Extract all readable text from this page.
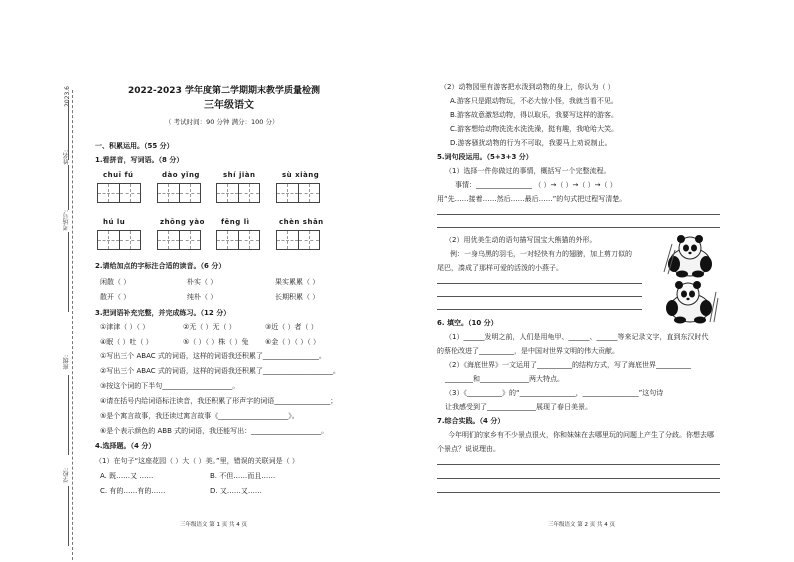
2023.6
姓名:
考场号:
班级:
学校:
2022-2023 学年度第二学期期末教学质量检测
三年级语文
（ 考试时间：90 分钟 满分：100 分）
一、积累运用。（55 分）
1.看拼音，写词语。（8 分）
chuī fú	dào yǐng	shí jiàn	sù xiàng
hú lu	zhōng yào fēng lì	chèn shān
2.请给加点的字标注合适的读音。（6 分）
闲散（ ）	朴实（ ）	果实累累（ ）
散开（ ）	纯朴（ ）	长期积累（ ）
3.把词语补充完整，并完成练习。（12 分）
①津津（ ）（ ）	②无（ ）无（ ）	③近（ ）者（ ）
④眠（ ）吐（ ）	⑤（ ）（ ）株（ ）兔 ⑥金（ ）（ ）（ ）
①写出三个 ABAC 式的词语，这样的词语我还积累了________________。
②写出三个 ABAC 式的词语，这样的词语我还积累了____________________。
③按这个词的下半句____________________。
④请在括号内给词语标注读音，我还积累了形声字的词语________________；
⑤是个寓言故事，我还读过寓言故事《____________________》。
⑥是个表示颜色的 ABB 式的词语，我还能写出：____________________。
4.选择题。（4 分）
（1）在句子“这座花园（ ）大（ ）美。”里，错误的关联词是（ ）
A. 既……又 ……	B. 不但……而且……
C. 有的……有的……	D. 又……又……
三年级语文 第 1 页 共 4 页
（2）动物园里有游客把水泼到动物的身上，你认为（ ）
A.游客只是跟动物玩，不必大惊小怪，我就当看不见。
B.游客故意激怒动物，得以取乐，我要写这样的游客。
C.游客想给动物洗洗水洗洗澡，挺有趣，我呛哈大笑。
D.游客骚扰动物的行为不可取，我要马上劝说制止。
5.词句段运用。（5+3+3 分）
（1）选择一件你做过的事情，概括写一个完整流程。
事情：________________ （ ）→（ ）→（ ）→（ ）
用“先……接着……然后……最后……”的句式把过程写清楚。
（2）用优美生动的语句描写国宝大熊猫的外形。
例：一身乌黑的羽毛，一对轻快有力的翅膀，加上剪刀似的
尾巴，凑成了那样可爱的活泼的小燕子。
6. 填空。（10 分）
（1）______发明之前，人们是用龟甲、______、______等来记录文字，直到东汉时代
的蔡伦改进了__________，是中国对世界文明的伟大贡献。
（2）《海底世界》一文运用了__________的结构方式，写了海底世界__________
________和______________两大特点。
（3）《__________》的“________________，________________”这句诗
让我感受到了______________展现了春日美景。
7.综合实践。（4 分）
今年明们的家乡有不少景点很火，你和妹妹在去哪里玩的问题上产生了分歧。你想去哪
个景点？说说理由。
三年级语文 第 2 页 共 4 页
